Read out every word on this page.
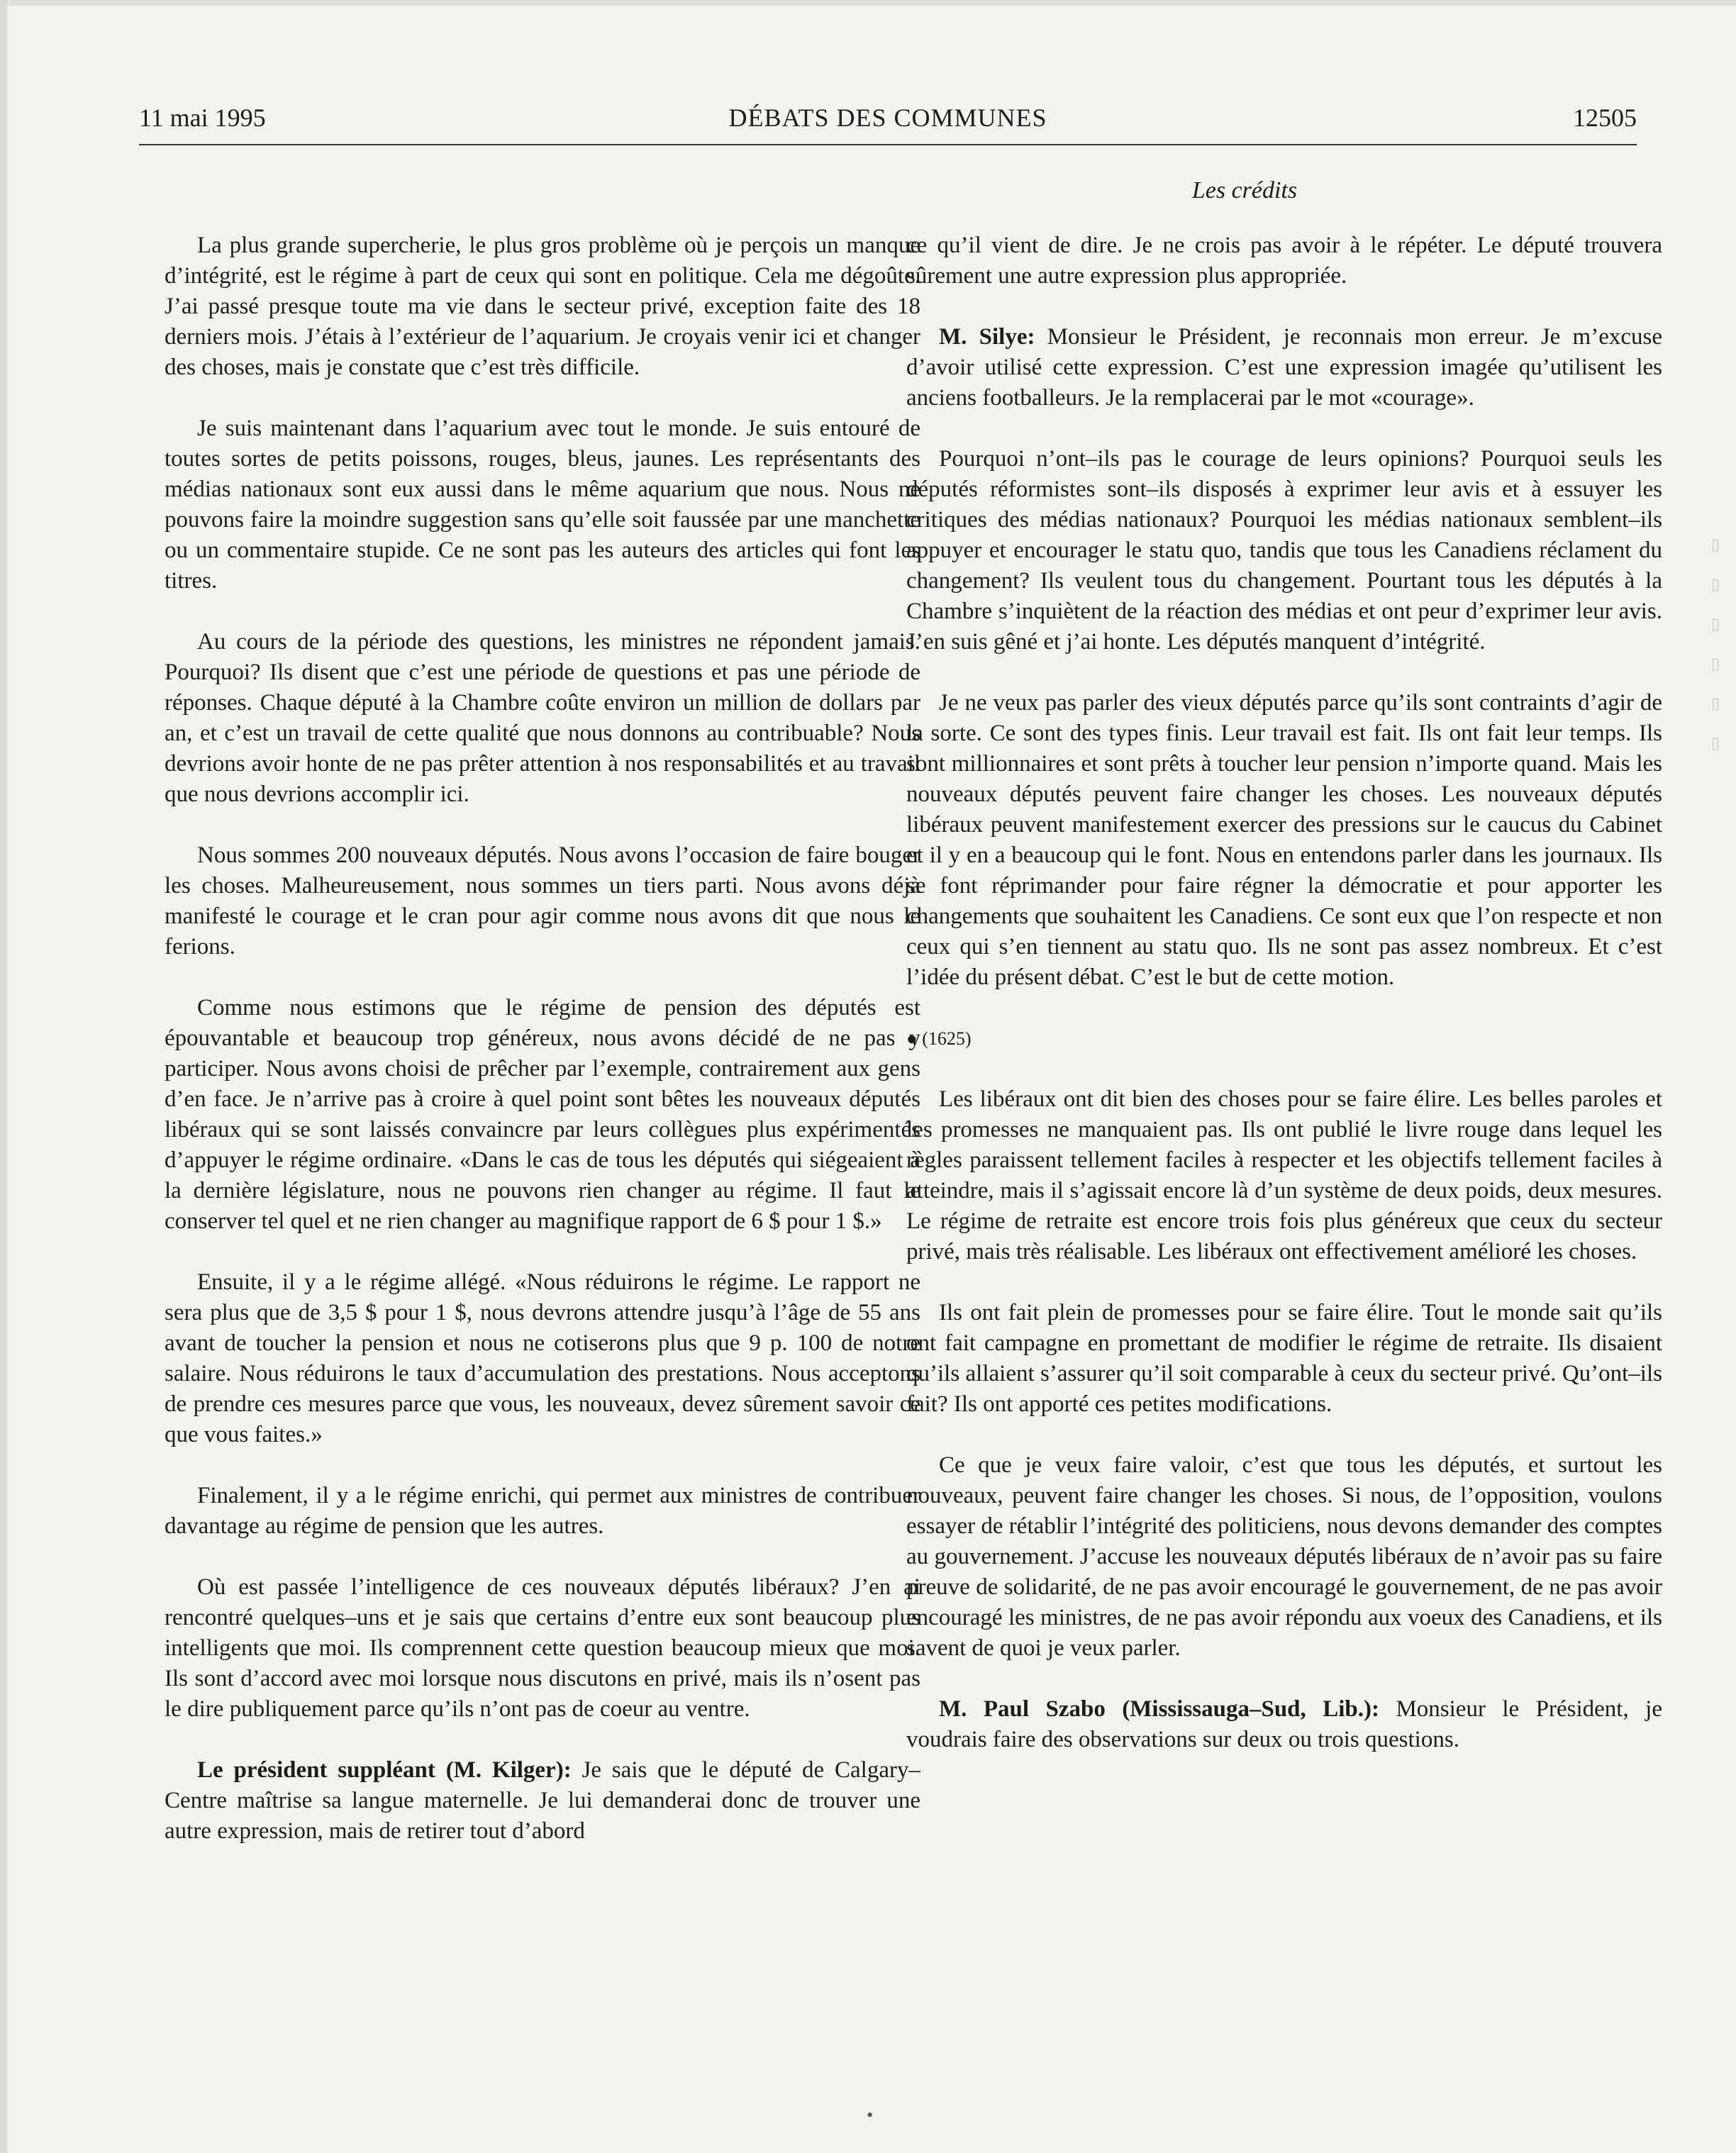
11 mai 1995	DÉBATS DES COMMUNES	12505
Les crédits

La plus grande supercherie, le plus gros problème où je perçois un manque d’intégrité, est le régime à part de ceux qui sont en politique. Cela me dégoûte. J’ai passé presque toute ma vie dans le secteur privé, exception faite des 18 derniers mois. J’étais à l’extérieur de l’aquarium. Je croyais venir ici et changer des choses, mais je constate que c’est très difficile.

Je suis maintenant dans l’aquarium avec tout le monde. Je suis entouré de toutes sortes de petits poissons, rouges, bleus, jaunes. Les représentants des médias nationaux sont eux aussi dans le même aquarium que nous. Nous ne pouvons faire la moindre suggestion sans qu’elle soit faussée par une manchette ou un commentaire stupide. Ce ne sont pas les auteurs des articles qui font les titres.

Au cours de la période des questions, les ministres ne répondent jamais. Pourquoi? Ils disent que c’est une période de questions et pas une période de réponses. Chaque député à la Chambre coûte environ un million de dollars par an, et c’est un travail de cette qualité que nous donnons au contribuable? Nous devrions avoir honte de ne pas prêter attention à nos responsabilités et au travail que nous devrions accomplir ici.

Nous sommes 200 nouveaux députés. Nous avons l’occasion de faire bouger les choses. Malheureusement, nous sommes un tiers parti. Nous avons déjà manifesté le courage et le cran pour agir comme nous avons dit que nous le ferions.

Comme nous estimons que le régime de pension des députés est épouvantable et beaucoup trop généreux, nous avons décidé de ne pas y participer. Nous avons choisi de prêcher par l’exemple, contrairement aux gens d’en face. Je n’arrive pas à croire à quel point sont bêtes les nouveaux députés libéraux qui se sont laissés convaincre par leurs collègues plus expérimentés d’appuyer le régime ordinaire. «Dans le cas de tous les députés qui siégeaient à la dernière législature, nous ne pouvons rien changer au régime. Il faut le conserver tel quel et ne rien changer au magnifique rapport de 6 $ pour 1 $.»

Ensuite, il y a le régime allégé. «Nous réduirons le régime. Le rapport ne sera plus que de 3,5 $ pour 1 $, nous devrons attendre jusqu’à l’âge de 55 ans avant de toucher la pension et nous ne cotiserons plus que 9 p. 100 de notre salaire. Nous réduirons le taux d’accumulation des prestations. Nous acceptons de prendre ces mesures parce que vous, les nouveaux, devez sûrement savoir ce que vous faites.»

Finalement, il y a le régime enrichi, qui permet aux ministres de contribuer davantage au régime de pension que les autres.

Où est passée l’intelligence de ces nouveaux députés libéraux? J’en ai rencontré quelques–uns et je sais que certains d’entre eux sont beaucoup plus intelligents que moi. Ils comprennent cette question beaucoup mieux que moi. Ils sont d’accord avec moi lorsque nous discutons en privé, mais ils n’osent pas le dire publiquement parce qu’ils n’ont pas de coeur au ventre.

Le président suppléant (M. Kilger): Je sais que le député de Calgary–Centre maîtrise sa langue maternelle. Je lui demanderai donc de trouver une autre expression, mais de retirer tout d’abord

ce qu’il vient de dire. Je ne crois pas avoir à le répéter. Le député trouvera sûrement une autre expression plus appropriée.

M. Silye: Monsieur le Président, je reconnais mon erreur. Je m’excuse d’avoir utilisé cette expression. C’est une expression imagée qu’utilisent les anciens footballeurs. Je la remplacerai par le mot «courage».

Pourquoi n’ont–ils pas le courage de leurs opinions? Pourquoi seuls les députés réformistes sont–ils disposés à exprimer leur avis et à essuyer les critiques des médias nationaux? Pourquoi les médias nationaux semblent–ils appuyer et encourager le statu quo, tandis que tous les Canadiens réclament du changement? Ils veulent tous du changement. Pourtant tous les députés à la Chambre s’inquiètent de la réaction des médias et ont peur d’exprimer leur avis. J’en suis gêné et j’ai honte. Les députés manquent d’intégrité.

Je ne veux pas parler des vieux députés parce qu’ils sont contraints d’agir de la sorte. Ce sont des types finis. Leur travail est fait. Ils ont fait leur temps. Ils sont millionnaires et sont prêts à toucher leur pension n’importe quand. Mais les nouveaux députés peuvent faire changer les choses. Les nouveaux députés libéraux peuvent manifestement exercer des pressions sur le caucus du Cabinet et il y en a beaucoup qui le font. Nous en entendons parler dans les journaux. Ils se font réprimander pour faire régner la démocratie et pour apporter les changements que souhaitent les Canadiens. Ce sont eux que l’on respecte et non ceux qui s’en tiennent au statu quo. Ils ne sont pas assez nombreux. Et c’est l’idée du présent débat. C’est le but de cette motion.

● (1625)

Les libéraux ont dit bien des choses pour se faire élire. Les belles paroles et les promesses ne manquaient pas. Ils ont publié le livre rouge dans lequel les règles paraissent tellement faciles à respecter et les objectifs tellement faciles à atteindre, mais il s’agissait encore là d’un système de deux poids, deux mesures. Le régime de retraite est encore trois fois plus généreux que ceux du secteur privé, mais très réalisable. Les libéraux ont effectivement amélioré les choses.

Ils ont fait plein de promesses pour se faire élire. Tout le monde sait qu’ils ont fait campagne en promettant de modifier le régime de retraite. Ils disaient qu’ils allaient s’assurer qu’il soit comparable à ceux du secteur privé. Qu’ont–ils fait? Ils ont apporté ces petites modifications.

Ce que je veux faire valoir, c’est que tous les députés, et surtout les nouveaux, peuvent faire changer les choses. Si nous, de l’opposition, voulons essayer de rétablir l’intégrité des politiciens, nous devons demander des comptes au gouvernement. J’accuse les nouveaux députés libéraux de n’avoir pas su faire preuve de solidarité, de ne pas avoir encouragé le gouvernement, de ne pas avoir encouragé les ministres, de ne pas avoir répondu aux voeux des Canadiens, et ils savent de quoi je veux parler.

M. Paul Szabo (Mississauga–Sud, Lib.): Monsieur le Président, je voudrais faire des observations sur deux ou trois questions.

▯
▯
▯
▯
▯
▯
•
